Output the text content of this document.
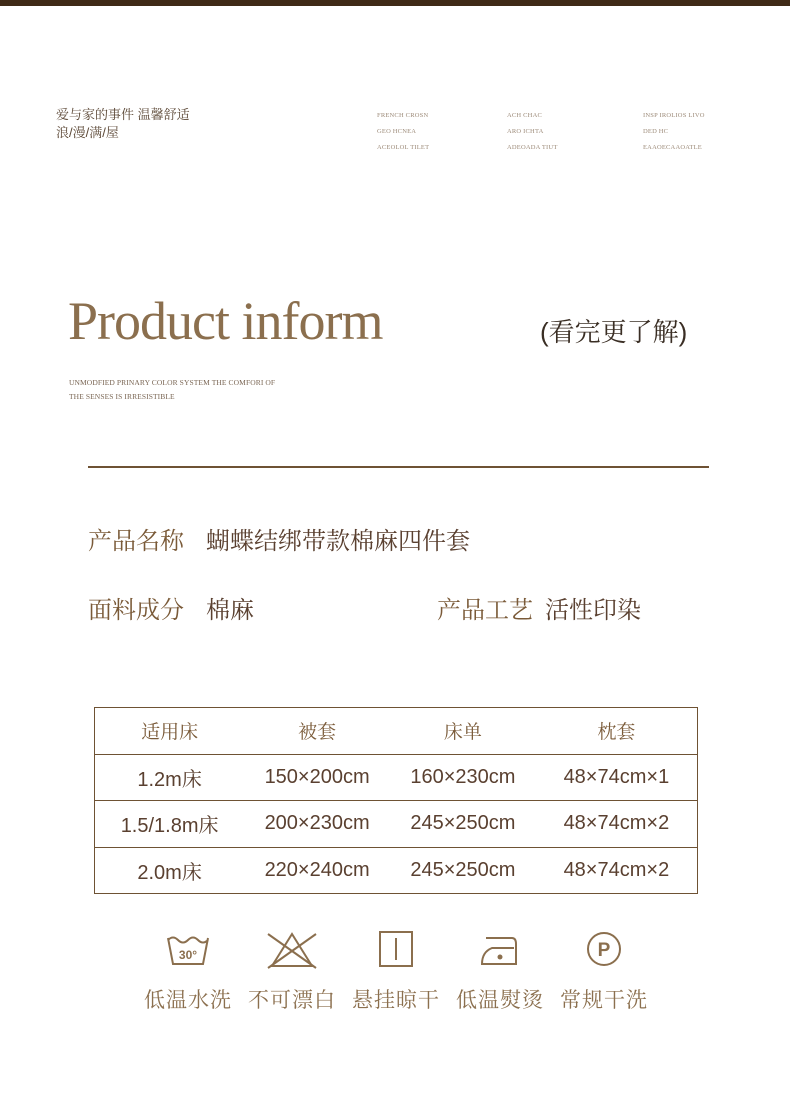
爱与家的事件 温馨舒适
浪/漫/满/屋
FRENCH CROSN
GEO HCNEA
ACEOLOL TILET
ACH CHAC
ARO ICHTA
ADEOADA TIUT
INSP IROLIOS LIVO
DED HC
EAAOECAAOATLE
Product inform	(看完更了解)
UNMODFIED PRINARY COLOR SYSTEM THE COMFORI OF
THE SENSES IS IRRESISTIBLE
产品名称 蝴蝶结绑带款棉麻四件套
面料成分 棉麻	产品工艺 活性印染
适用床	被套	床单	枕套
1.2m床	150×200cm	160×230cm	48×74cm×1
1.5/1.8m床	200×230cm	245×250cm	48×74cm×2
2.0m床	220×240cm	245×250cm	48×74cm×2
30°
低温水洗 不可漂白 悬挂晾干 低温熨烫
P
常规干洗
